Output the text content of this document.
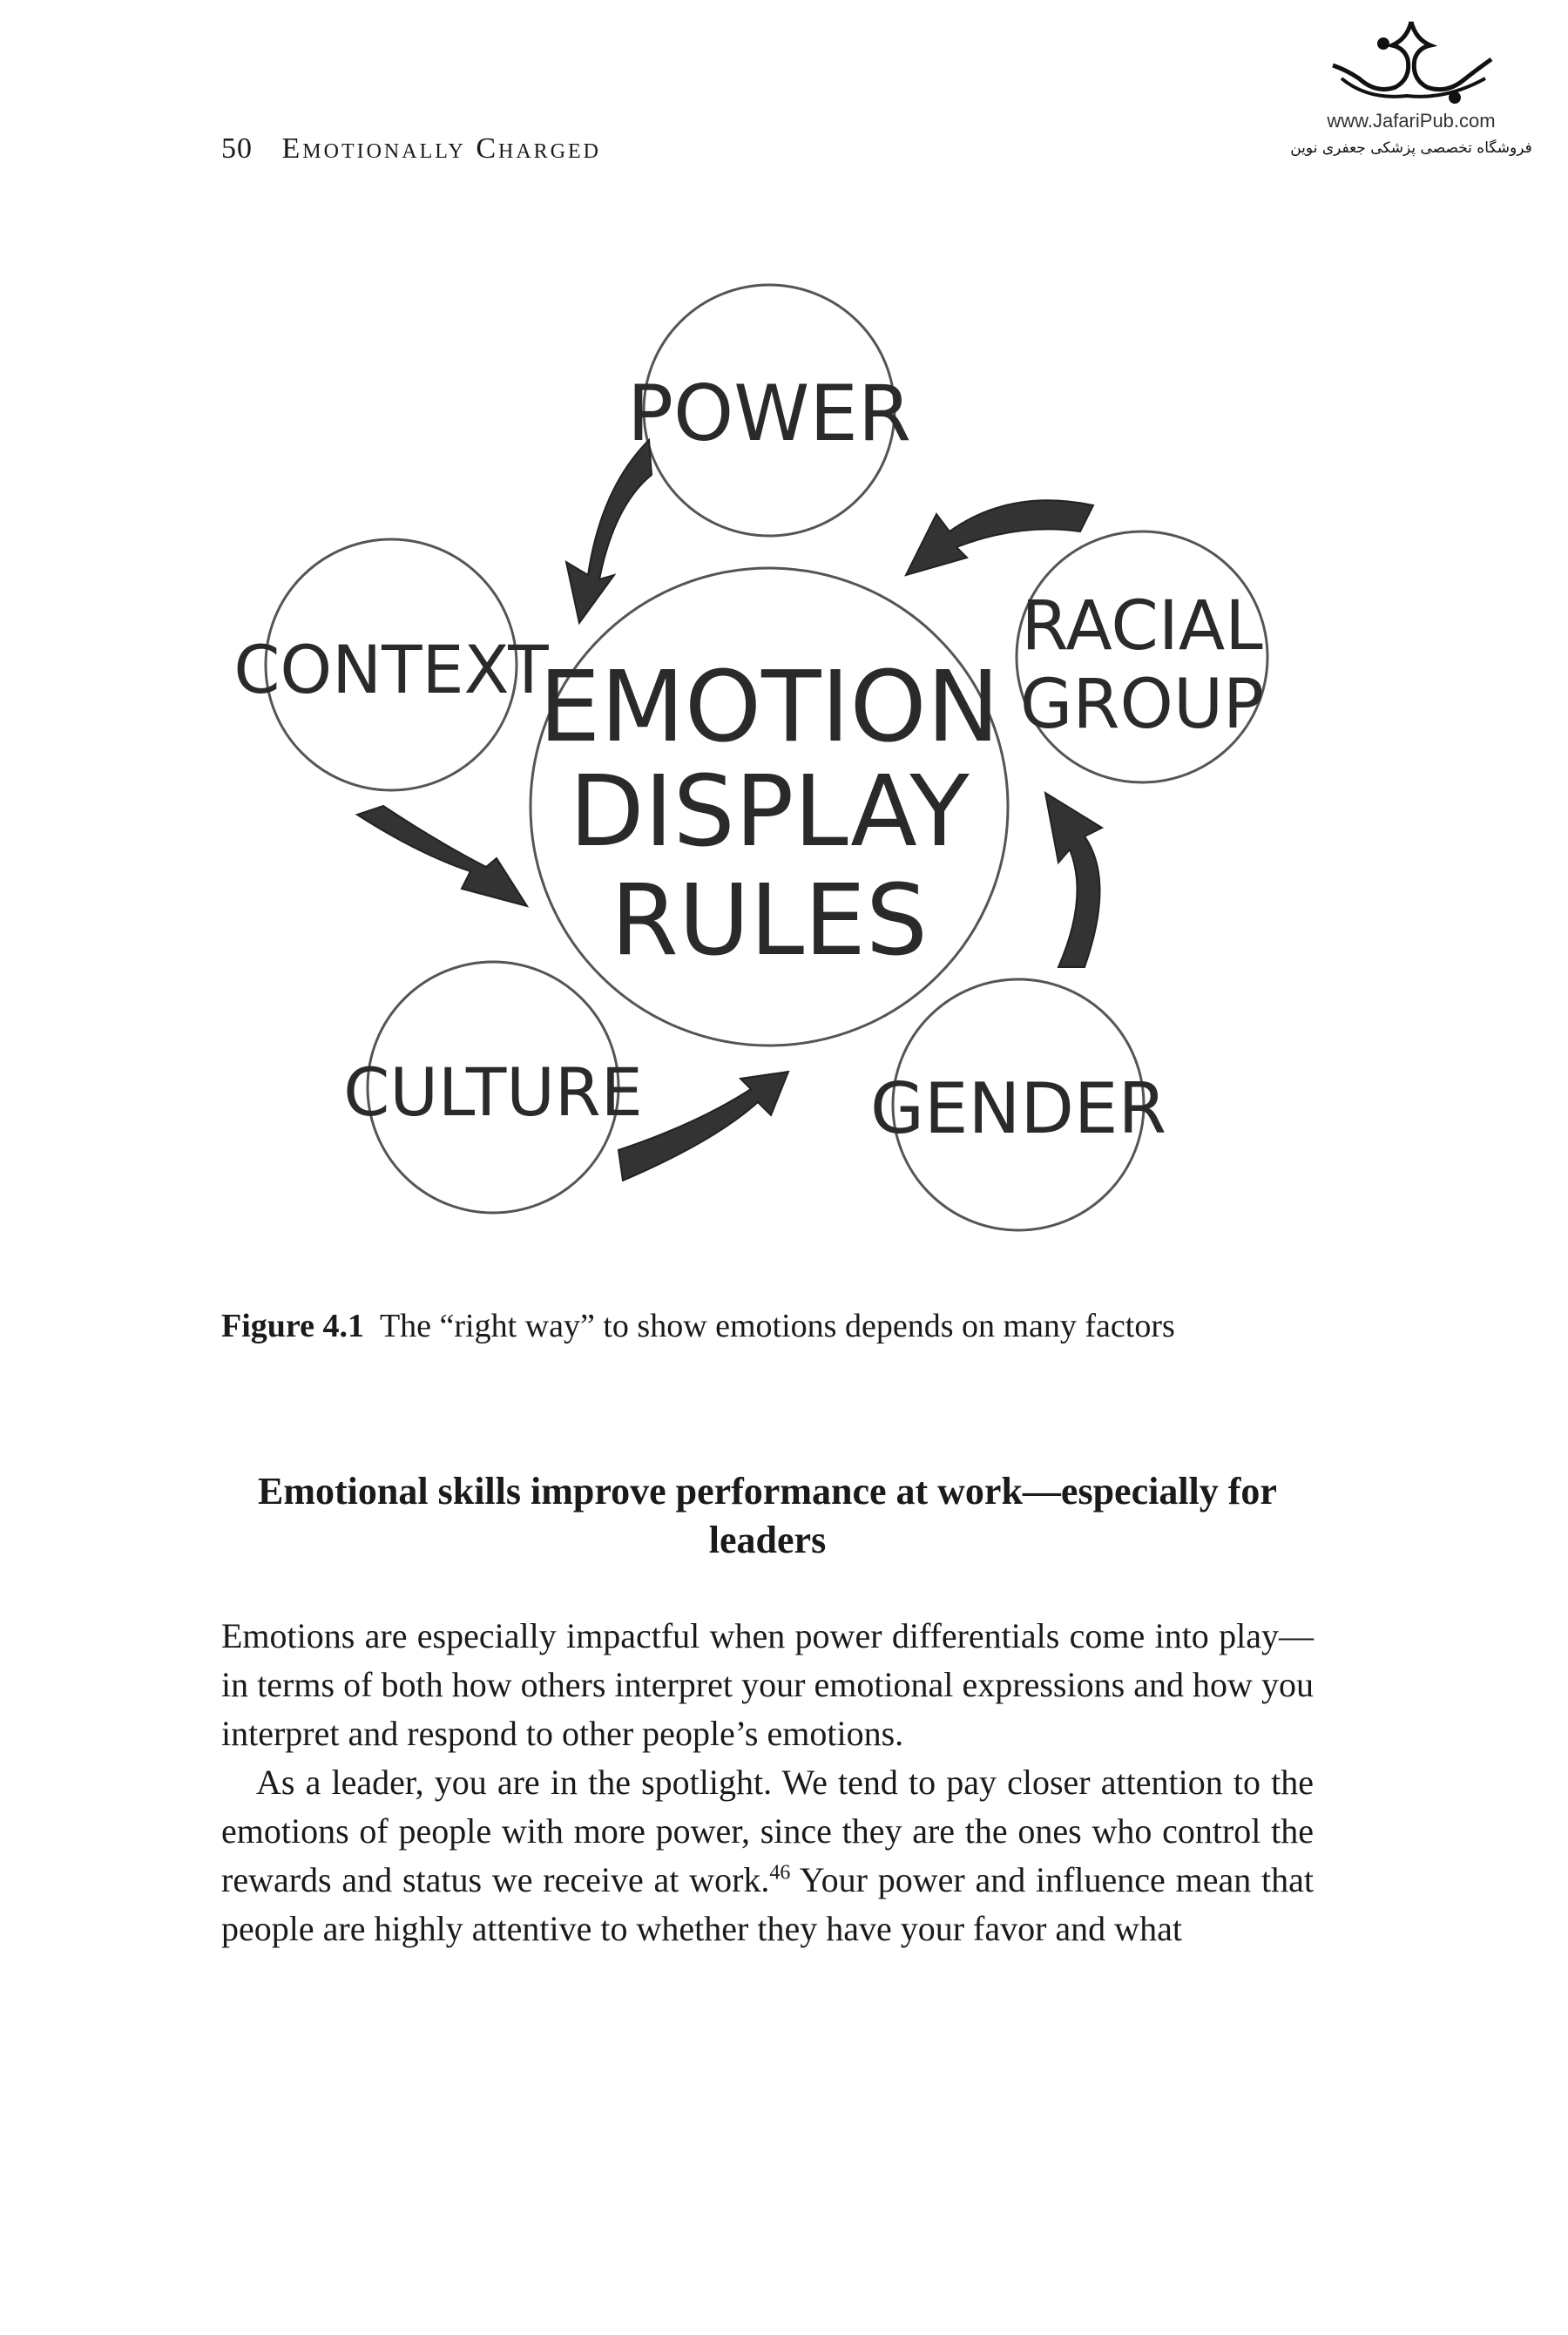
50 Emotionally Charged
www.JafariPub.com
فروشگاه تخصصی پزشکی جعفری نوین
POWER
RACIAL
GROUP
GENDER
CULTURE
CONTEXT
EMOTION
DISPLAY
RULES
Figure 4.1 The “right way” to show emotions depends on many factors
Emotional skills improve performance at work—especially for leaders

Emotions are especially impactful when power differentials come into play—in terms of both how others interpret your emotional expressions and how you interpret and respond to other people’s emotions.

As a leader, you are in the spotlight. We tend to pay closer attention to the emotions of people with more power, since they are the ones who control the rewards and status we receive at work.$^{46}$ Your power and influence mean that people are highly attentive to whether they have your favor and what
